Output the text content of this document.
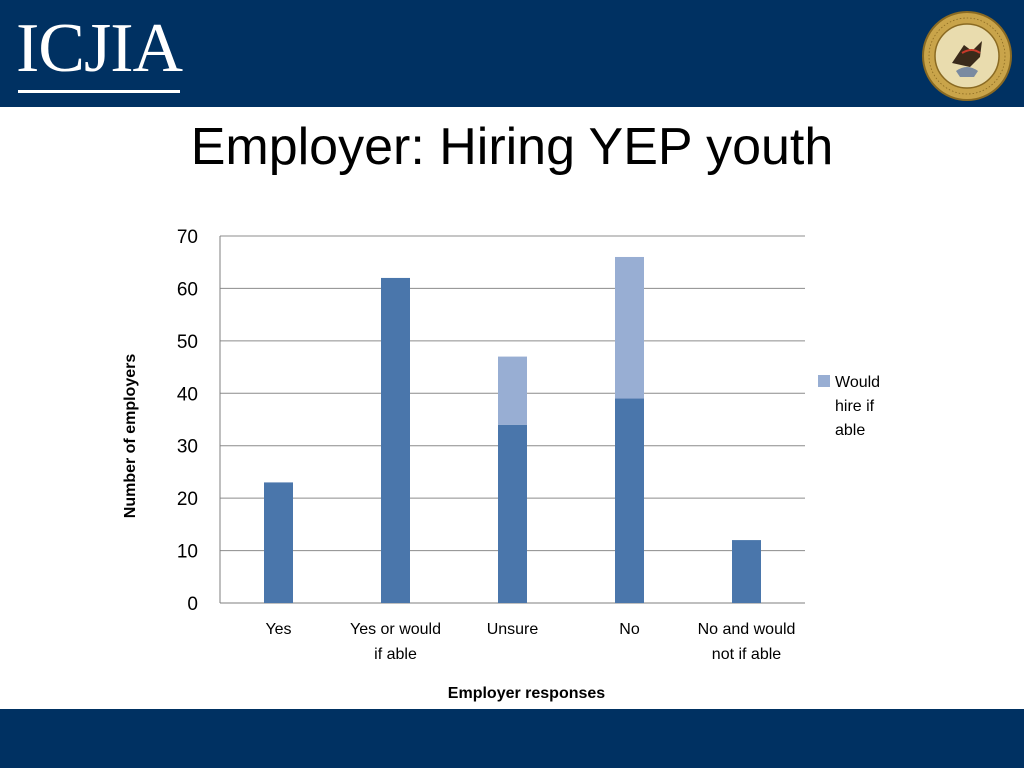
ICJIA
Employer: Hiring YEP youth
0
10
20
30
40
50
60
70
Yes	Yes or would
if able
Unsure	No	No and would
not if able
Employer responses
Number of employers	Would
hire if
able
